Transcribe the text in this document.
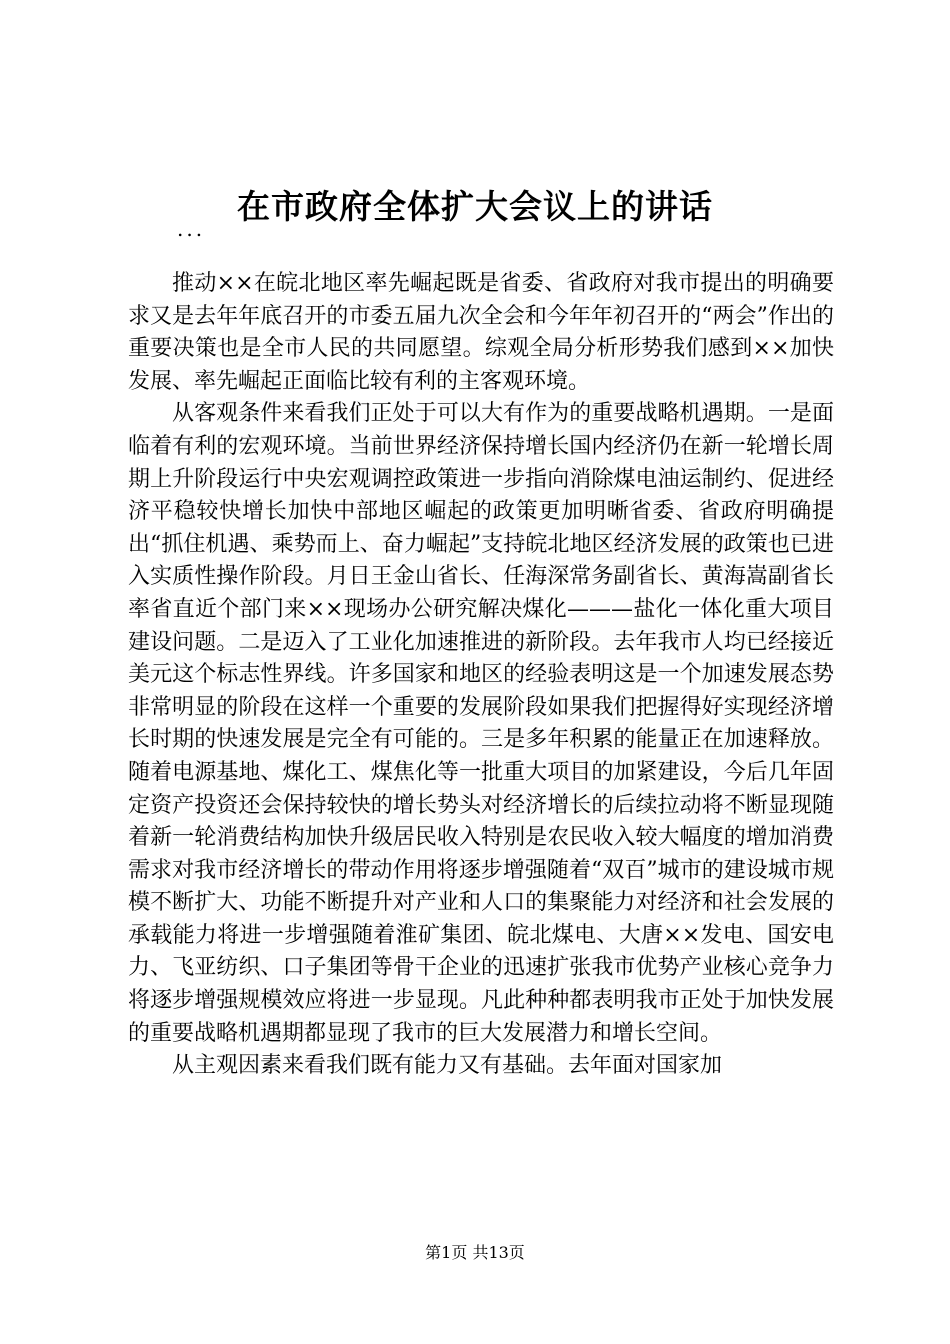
在市政府全体扩大会议上的讲话
...

推动××在皖北地区率先崛起既是省委、省政府对我市提出的明确要求又是去年年底召开的市委五届九次全会和今年年初召开的“两会”作出的重要决策也是全市人民的共同愿望。综观全局分析形势我们感到××加快发展、率先崛起正面临比较有利的主客观环境。

从客观条件来看我们正处于可以大有作为的重要战略机遇期。一是面临着有利的宏观环境。当前世界经济保持增长国内经济仍在新一轮增长周期上升阶段运行中央宏观调控政策进一步指向消除煤电油运制约、促进经济平稳较快增长加快中部地区崛起的政策更加明晰省委、省政府明确提出“抓住机遇、乘势而上、奋力崛起”支持皖北地区经济发展的政策也已进入实质性操作阶段。月日王金山省长、任海深常务副省长、黄海嵩副省长率省直近个部门来××现场办公研究解决煤化———盐化一体化重大项目建设问题。二是迈入了工业化加速推进的新阶段。去年我市人均已经接近美元这个标志性界线。许多国家和地区的经验表明这是一个加速发展态势非常明显的阶段在这样一个重要的发展阶段如果我们把握得好实现经济增长时期的快速发展是完全有可能的。三是多年积累的能量正在加速释放。随着电源基地、煤化工、煤焦化等一批重大项目的加紧建设，今后几年固定资产投资还会保持较快的增长势头对经济增长的后续拉动将不断显现随着新一轮消费结构加快升级居民收入特别是农民收入较大幅度的增加消费需求对我市经济增长的带动作用将逐步增强随着“双百”城市的建设城市规模不断扩大、功能不断提升对产业和人口的集聚能力对经济和社会发展的承载能力将进一步增强随着淮矿集团、皖北煤电、大唐××发电、国安电力、飞亚纺织、口子集团等骨干企业的迅速扩张我市优势产业核心竞争力将逐步增强规模效应将进一步显现。凡此种种都表明我市正处于加快发展的重要战略机遇期都显现了我市的巨大发展潜力和增长空间。

从主观因素来看我们既有能力又有基础。去年面对国家加

第1页 共13页
